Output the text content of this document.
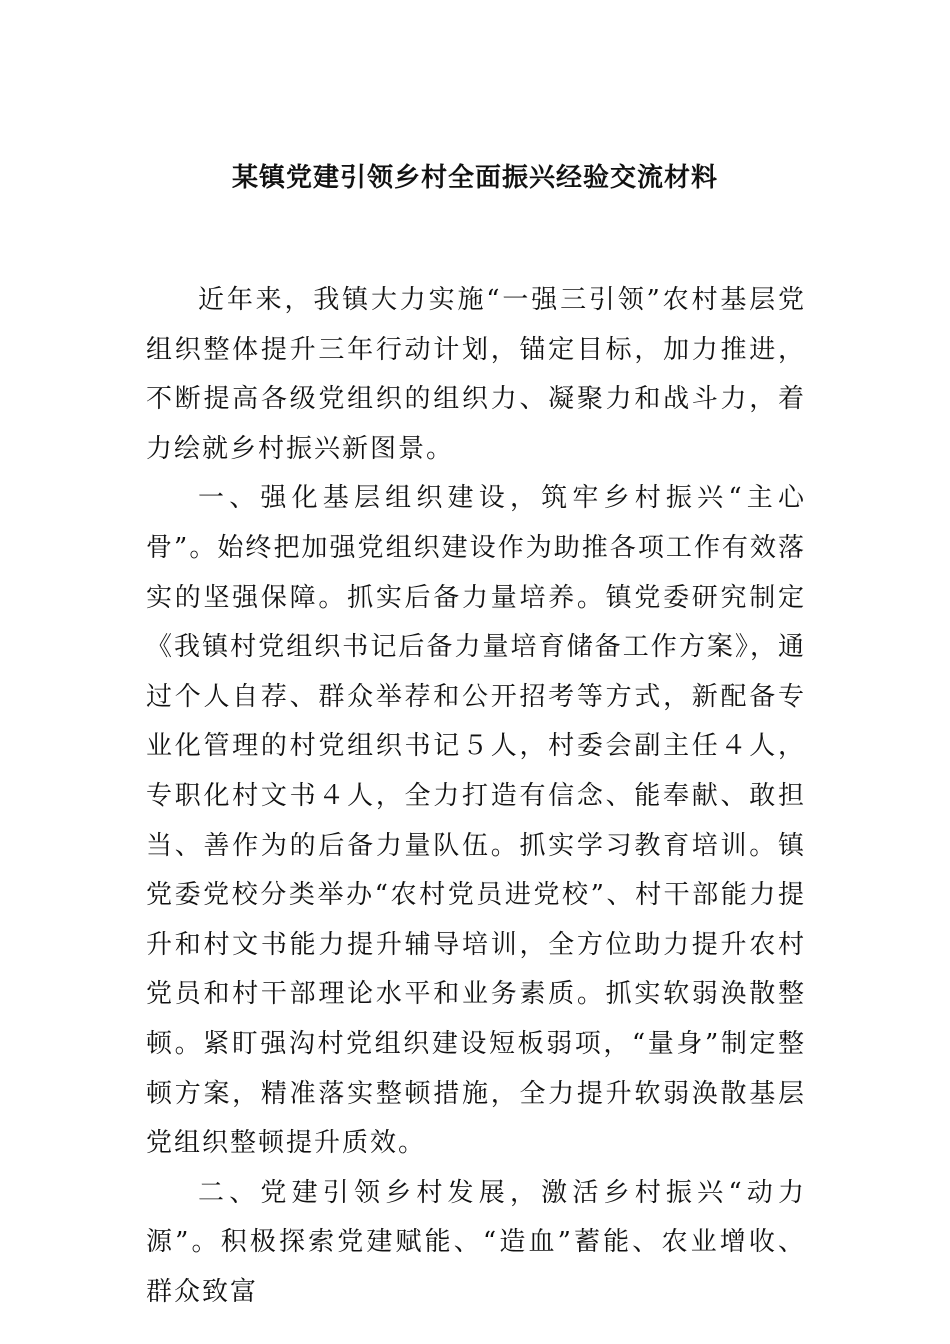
某镇党建引领乡村全面振兴经验交流材料

近年来，我镇大力实施“一强三引领”农村基层党组织整体提升三年行动计划，锚定目标，加力推进，不断提高各级党组织的组织力、凝聚力和战斗力，着力绘就乡村振兴新图景。

一、强化基层组织建设，筑牢乡村振兴“主心骨”。始终把加强党组织建设作为助推各项工作有效落实的坚强保障。抓实后备力量培养。镇党委研究制定《我镇村党组织书记后备力量培育储备工作方案》，通过个人自荐、群众举荐和公开招考等方式，新配备专业化管理的村党组织书记５人，村委会副主任４人，专职化村文书４人，全力打造有信念、能奉献、敢担当、善作为的后备力量队伍。抓实学习教育培训。镇党委党校分类举办“农村党员进党校”、村干部能力提升和村文书能力提升辅导培训，全方位助力提升农村党员和村干部理论水平和业务素质。抓实软弱涣散整顿。紧盯强沟村党组织建设短板弱项，“量身”制定整顿方案，精准落实整顿措施，全力提升软弱涣散基层党组织整顿提升质效。

二、党建引领乡村发展，激活乡村振兴“动力源”。积极探索党建赋能、“造血”蓄能、农业增收、群众致富
